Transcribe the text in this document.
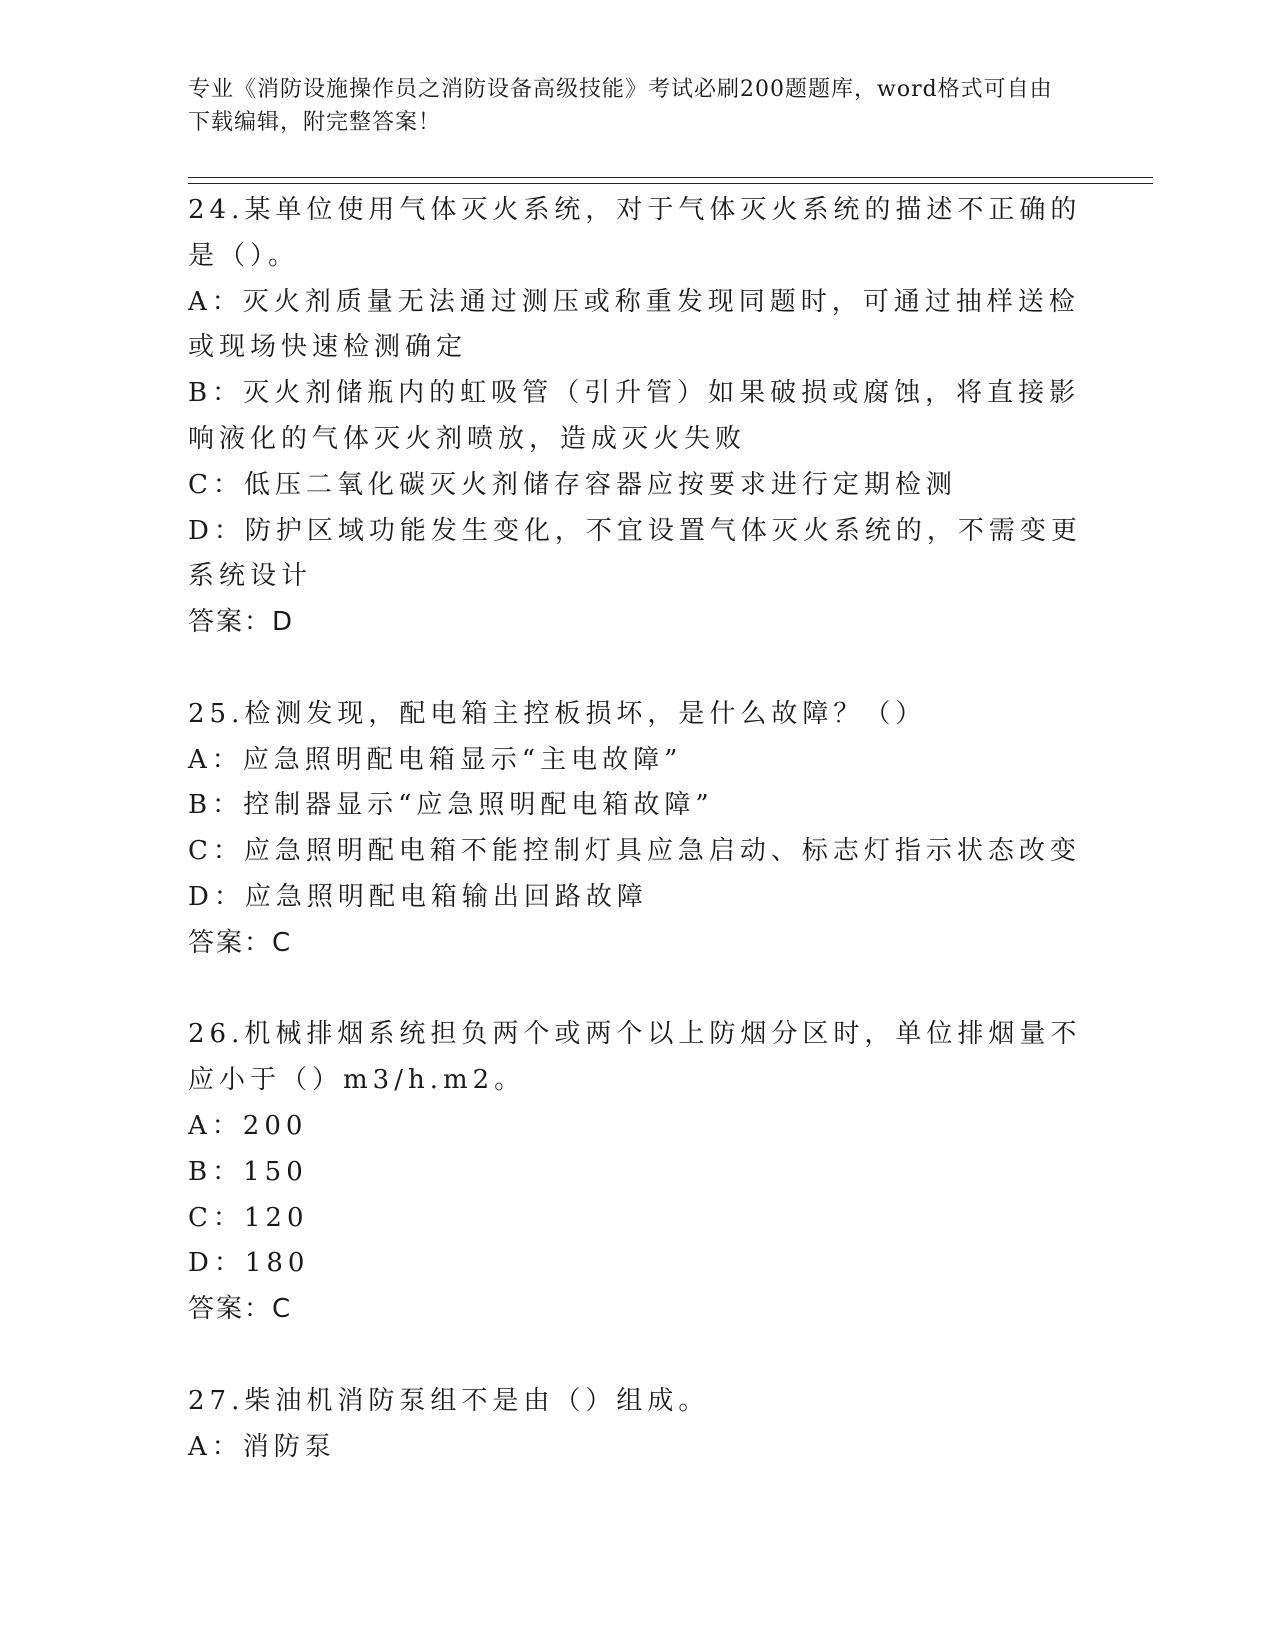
专业《消防设施操作员之消防设备高级技能》考试必刷200题题库，word格式可自由下载编辑，附完整答案！
24.某单位使用气体灭火系统，对于气体灭火系统的描述不正确的是（）。
A：灭火剂质量无法通过测压或称重发现同题时，可通过抽样送检或现场快速检测确定
B：灭火剂储瓶内的虹吸管（引升管）如果破损或腐蚀，将直接影响液化的气体灭火剂喷放，造成灭火失败
C：低压二氧化碳灭火剂储存容器应按要求进行定期检测
D：防护区域功能发生变化，不宜设置气体灭火系统的，不需变更系统设计
答案：D
25.检测发现，配电箱主控板损坏，是什么故障？（）
A：应急照明配电箱显示“主电故障”
B：控制器显示“应急照明配电箱故障”
C：应急照明配电箱不能控制灯具应急启动、标志灯指示状态改变
D：应急照明配电箱输出回路故障
答案：C
26.机械排烟系统担负两个或两个以上防烟分区时，单位排烟量不应小于（）m3/h.m2。
A：200
B：150
C：120
D：180
答案：C
27.柴油机消防泵组不是由（）组成。
A：消防泵
